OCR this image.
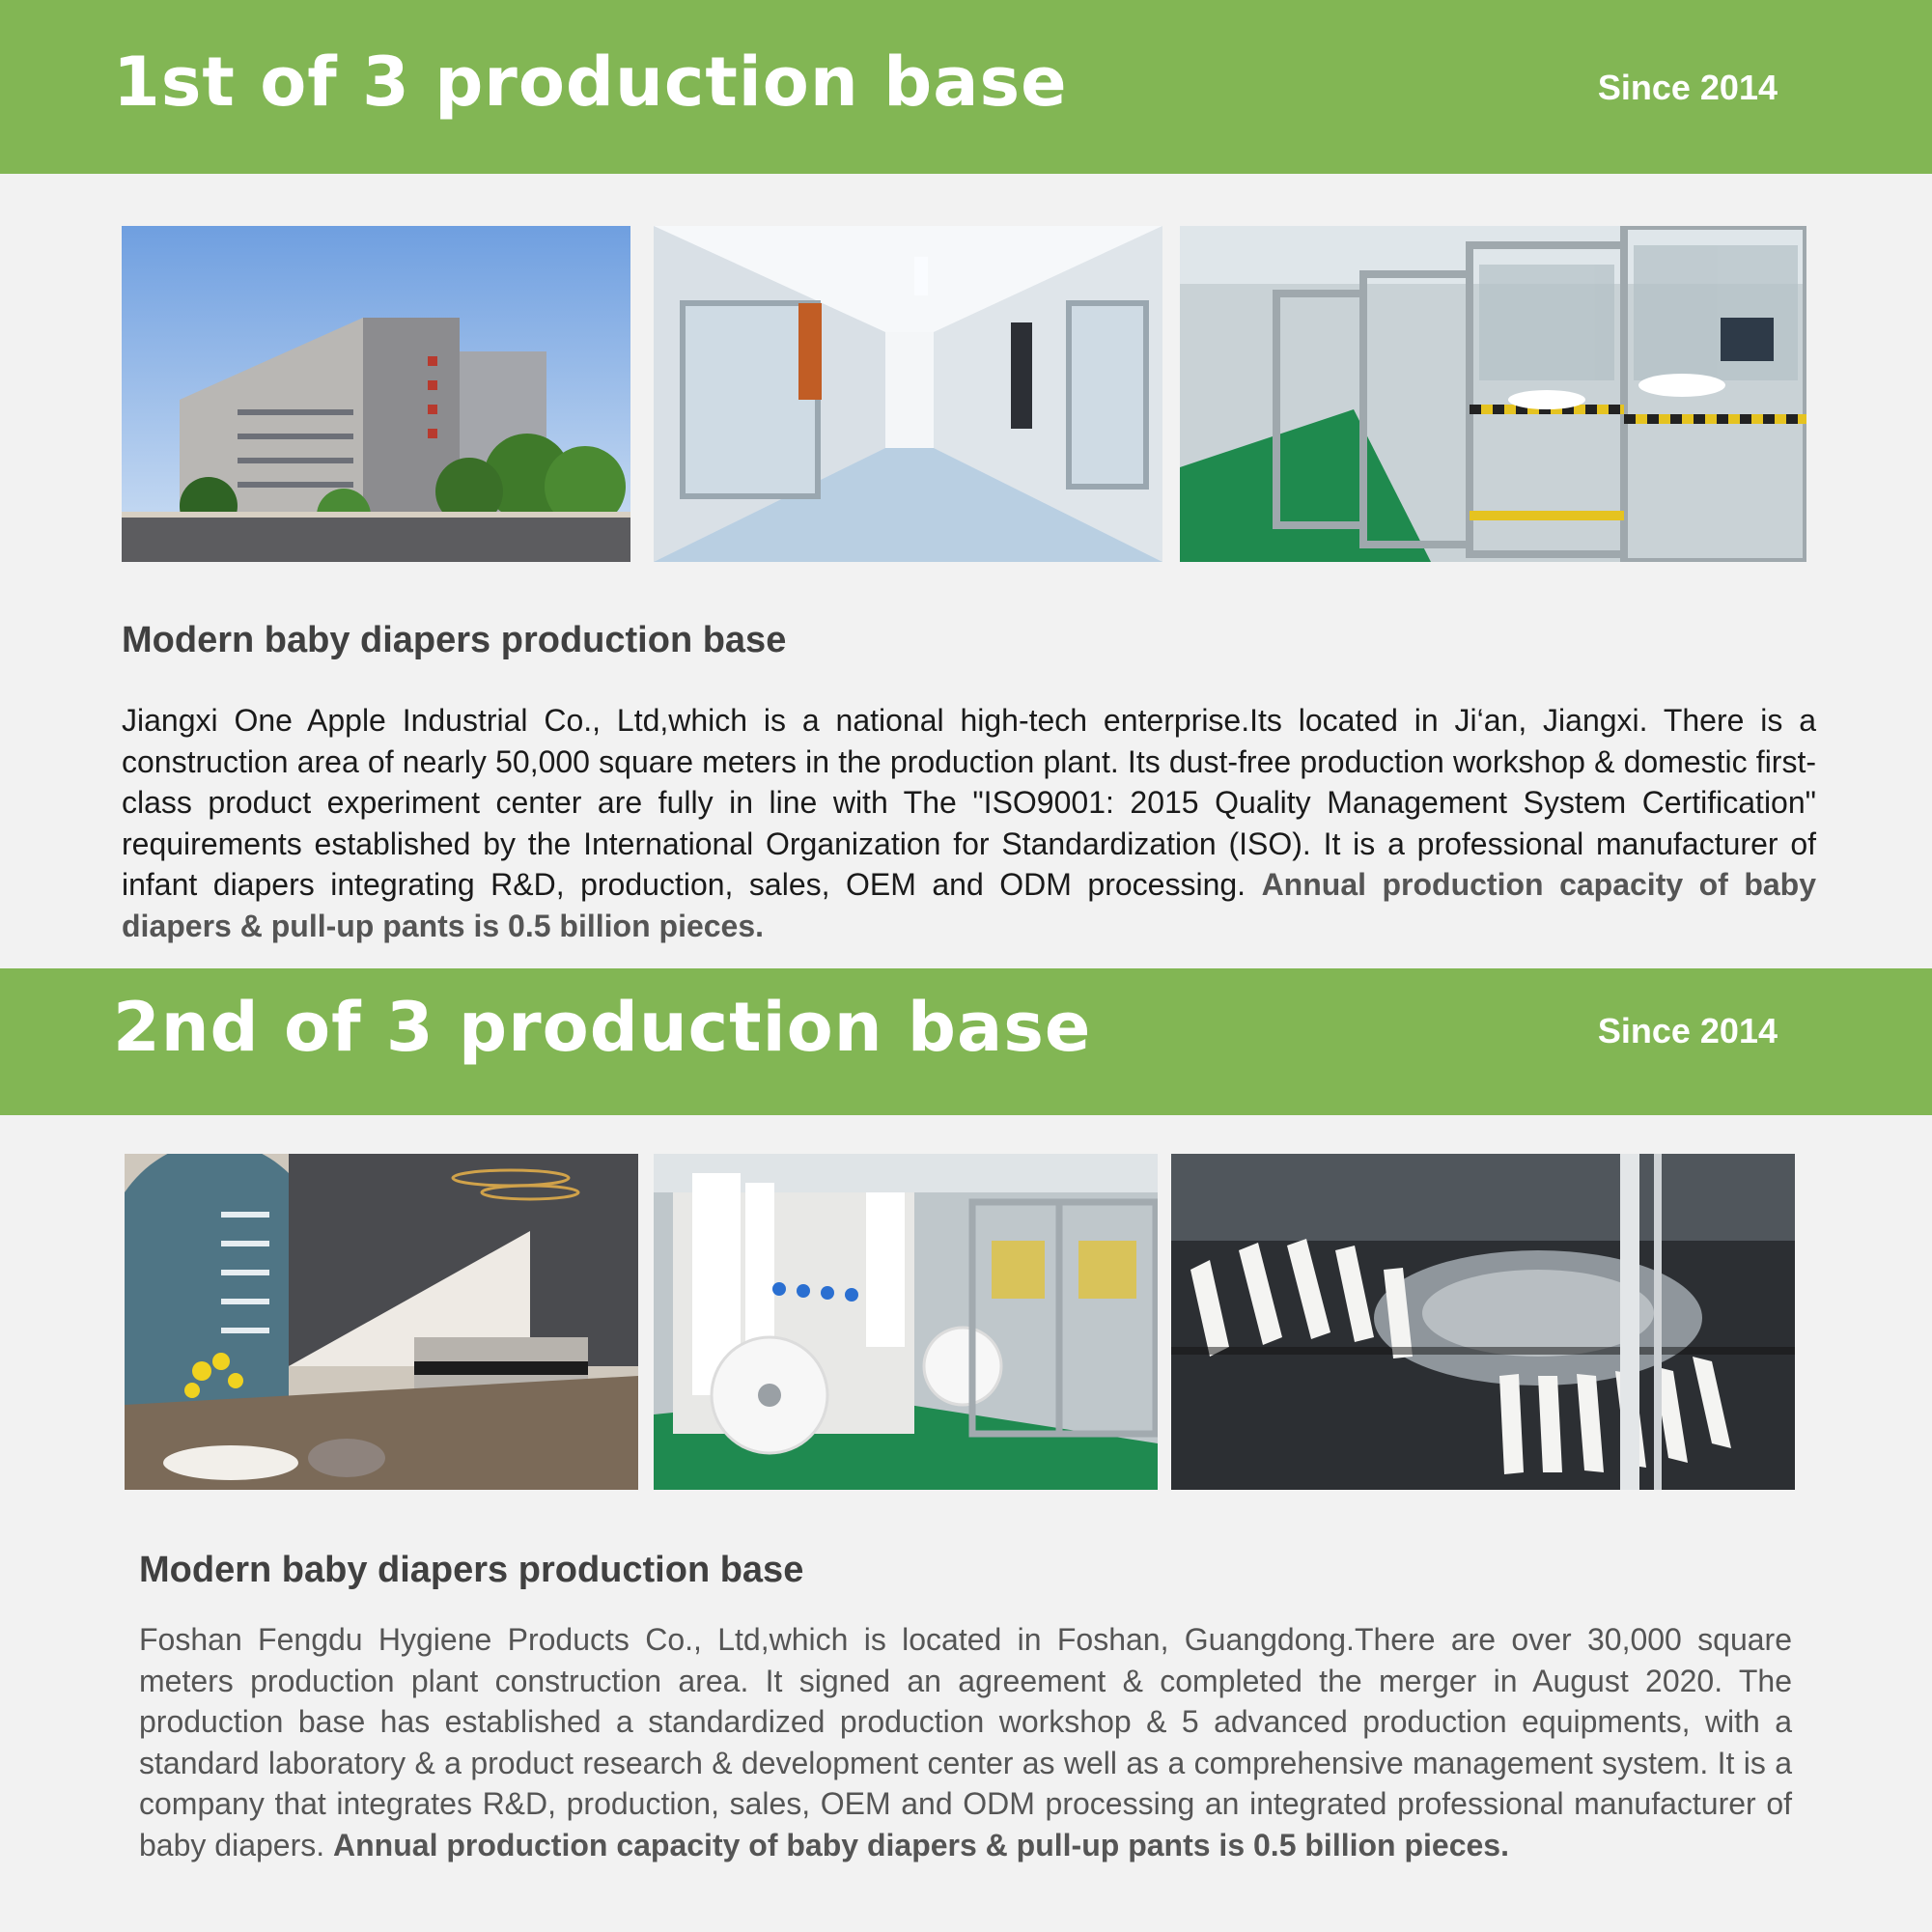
1st of 3 production base	Since 2014
Modern baby diapers production base
Jiangxi One Apple Industrial Co., Ltd,which is a national high-tech enterprise.Its located in Ji‘an, Jiangxi. There is a construction area of nearly 50,000 square meters in the production plant. Its dust-free production workshop & domestic first-class product experiment center are fully in line with The "ISO9001: 2015 Quality Management System Certification" requirements established by the International Organization for Standardization (ISO). It is a professional manufacturer of infant diapers integrating R&D, production, sales, OEM and ODM processing. Annual production capacity of baby diapers & pull-up pants is 0.5 billion pieces.
2nd of 3 production base	Since 2014
Modern baby diapers production base
Foshan Fengdu Hygiene Products Co., Ltd,which is located in Foshan, Guangdong.There are over 30,000 square meters production plant construction area. It signed an agreement & completed the merger in August 2020. The production base has established a standardized production workshop & 5 advanced production equipments, with a standard laboratory & a product research & development center as well as a comprehensive management system. It is a company that integrates R&D, production, sales, OEM and ODM processing an integrated professional manufacturer of baby diapers. Annual production capacity of baby diapers & pull-up pants is 0.5 billion pieces.
